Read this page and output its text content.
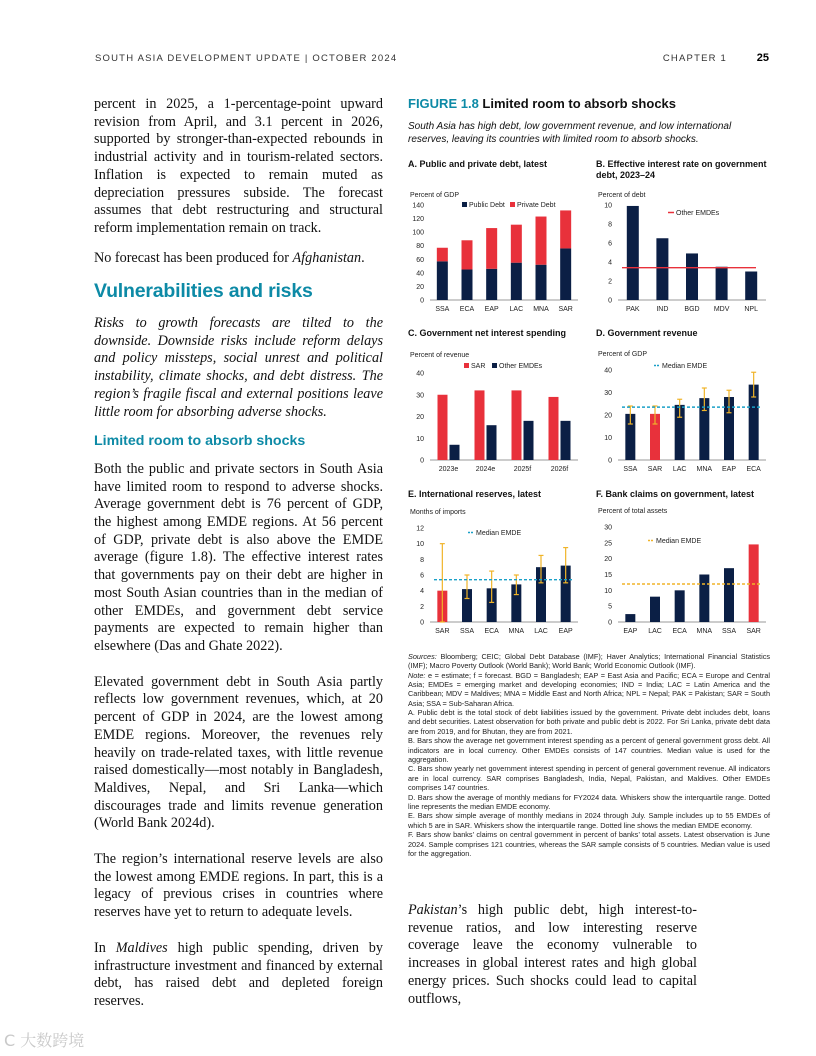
SOUTH ASIA DEVELOPMENT UPDATE | OCTOBER 2024	CHAPTER 1	25

percent in 2025, a 1-percentage-point upward revision from April, and 3.1 percent in 2026, supported by stronger-than-expected rebounds in industrial activity and in tourism-related sectors. Inflation is expected to remain muted as depreciation pressures subside. The forecast assumes that debt restructuring and structural reform implementation remain on track.

No forecast has been produced for Afghanistan.

Vulnerabilities and risks

Risks to growth forecasts are tilted to the downside. Downside risks include reform delays and policy missteps, social unrest and political instability, climate shocks, and debt distress. The region’s fragile fiscal and external positions leave little room for absorbing adverse shocks.

Limited room to absorb shocks

Both the public and private sectors in South Asia have limited room to respond to adverse shocks. Average government debt is 76 percent of GDP, the highest among EMDE regions. At 56 percent of GDP, private debt is also above the EMDE average (figure 1.8). The effective interest rates that governments pay on their debt are higher in most South Asian countries than in the median of other EMDEs, and government debt service payments are expected to remain higher than elsewhere (Das and Ghate 2022).

Elevated government debt in South Asia partly reflects low government revenues, which, at 20 percent of GDP in 2024, are the lowest among EMDE regions. Moreover, the revenues rely heavily on trade-related taxes, with little revenue raised domestically—most notably in Bangladesh, Maldives, Nepal, and Sri Lanka—which discourages trade and limits revenue generation (World Bank 2024d).

The region’s international reserve levels are also the lowest among EMDE regions. In part, this is a legacy of previous crises in countries where reserves have yet to return to adequate levels.

In Maldives high public spending, driven by infrastructure investment and financed by external debt, has raised debt and depleted foreign reserves.

FIGURE 1.8 Limited room to absorb shocks
South Asia has high debt, low government revenue, and low international reserves, leaving its countries with limited room to absorb shocks.
A. Public and private debt, latest
Percent of GDP
Public Debt Private Debt
0
20
40
60
80
100
120
140
SSA ECA EAP LAC MNA SAR
B. Effective interest rate on government debt, 2023–24
Percent of debt
0
2
4
6
8
10
Other EMDEs
PAK IND BGD MDV NPL
C. Government net interest spending
Percent of revenue
SAR Other EMDEs
0
10
20
30
40
2023e	2024e	2025f	2026f
D. Government revenue
Percent of GDP
0
10
20
30
40
Median EMDE
SSA SAR LAC MNA EAP ECA
E. International reserves, latest
Months of imports
0
2
4
6
8
10
12
Median EMDE
SAR SSA ECA MNA LAC EAP
F. Bank claims on government, latest
Percent of total assets
0
5
10
15
20
25
30
Median EMDE
EAP LAC ECA MNA SSA SAR

Sources: Bloomberg; CEIC; Global Debt Database (IMF); Haver Analytics; International Financial Statistics (IMF); Macro Poverty Outlook (World Bank); World Bank; World Economic Outlook (IMF).

Note: e = estimate; f = forecast. BGD = Bangladesh; EAP = East Asia and Pacific; ECA = Europe and Central Asia; EMDEs = emerging market and developing economies; IND = India; LAC = Latin America and the Caribbean; MDV = Maldives; MNA = Middle East and North Africa; NPL = Nepal; PAK = Pakistan; SAR = South Asia; SSA = Sub-Saharan Africa.

A. Public debt is the total stock of debt liabilities issued by the government. Private debt includes debt, loans and debt securities. Latest observation for both private and public debt is 2022. For Sri Lanka, private debt data are from 2019, and for Bhutan, they are from 2021.

B. Bars show the average net government interest spending as a percent of general government gross debt. All indicators are in local currency. Other EMDEs consists of 147 countries. Median value is used for the aggregation.

C. Bars show yearly net government interest spending in percent of general government revenue. All indicators are in local currency. SAR comprises Bangladesh, India, Nepal, Pakistan, and Maldives. Other EMDEs comprises 147 countries.

D. Bars show the average of monthly medians for FY2024 data. Whiskers show the interquartile range. Dotted line represents the median EMDE economy.

E. Bars show simple average of monthly medians in 2024 through July. Sample includes up to 55 EMDEs of which 5 are in SAR. Whiskers show the interquartile range. Dotted line shows the median EMDE economy.

F. Bars show banks’ claims on central government in percent of banks’ total assets. Latest observation is June 2024. Sample comprises 121 countries, whereas the SAR sample consists of 5 countries. Median value is used for the aggregation.

Pakistan’s high public debt, high interest-to-revenue ratios, and low interesting reserve coverage leave the economy vulnerable to increases in global interest rates and high global energy prices. Such shocks could lead to capital outflows,
C 大数跨境
